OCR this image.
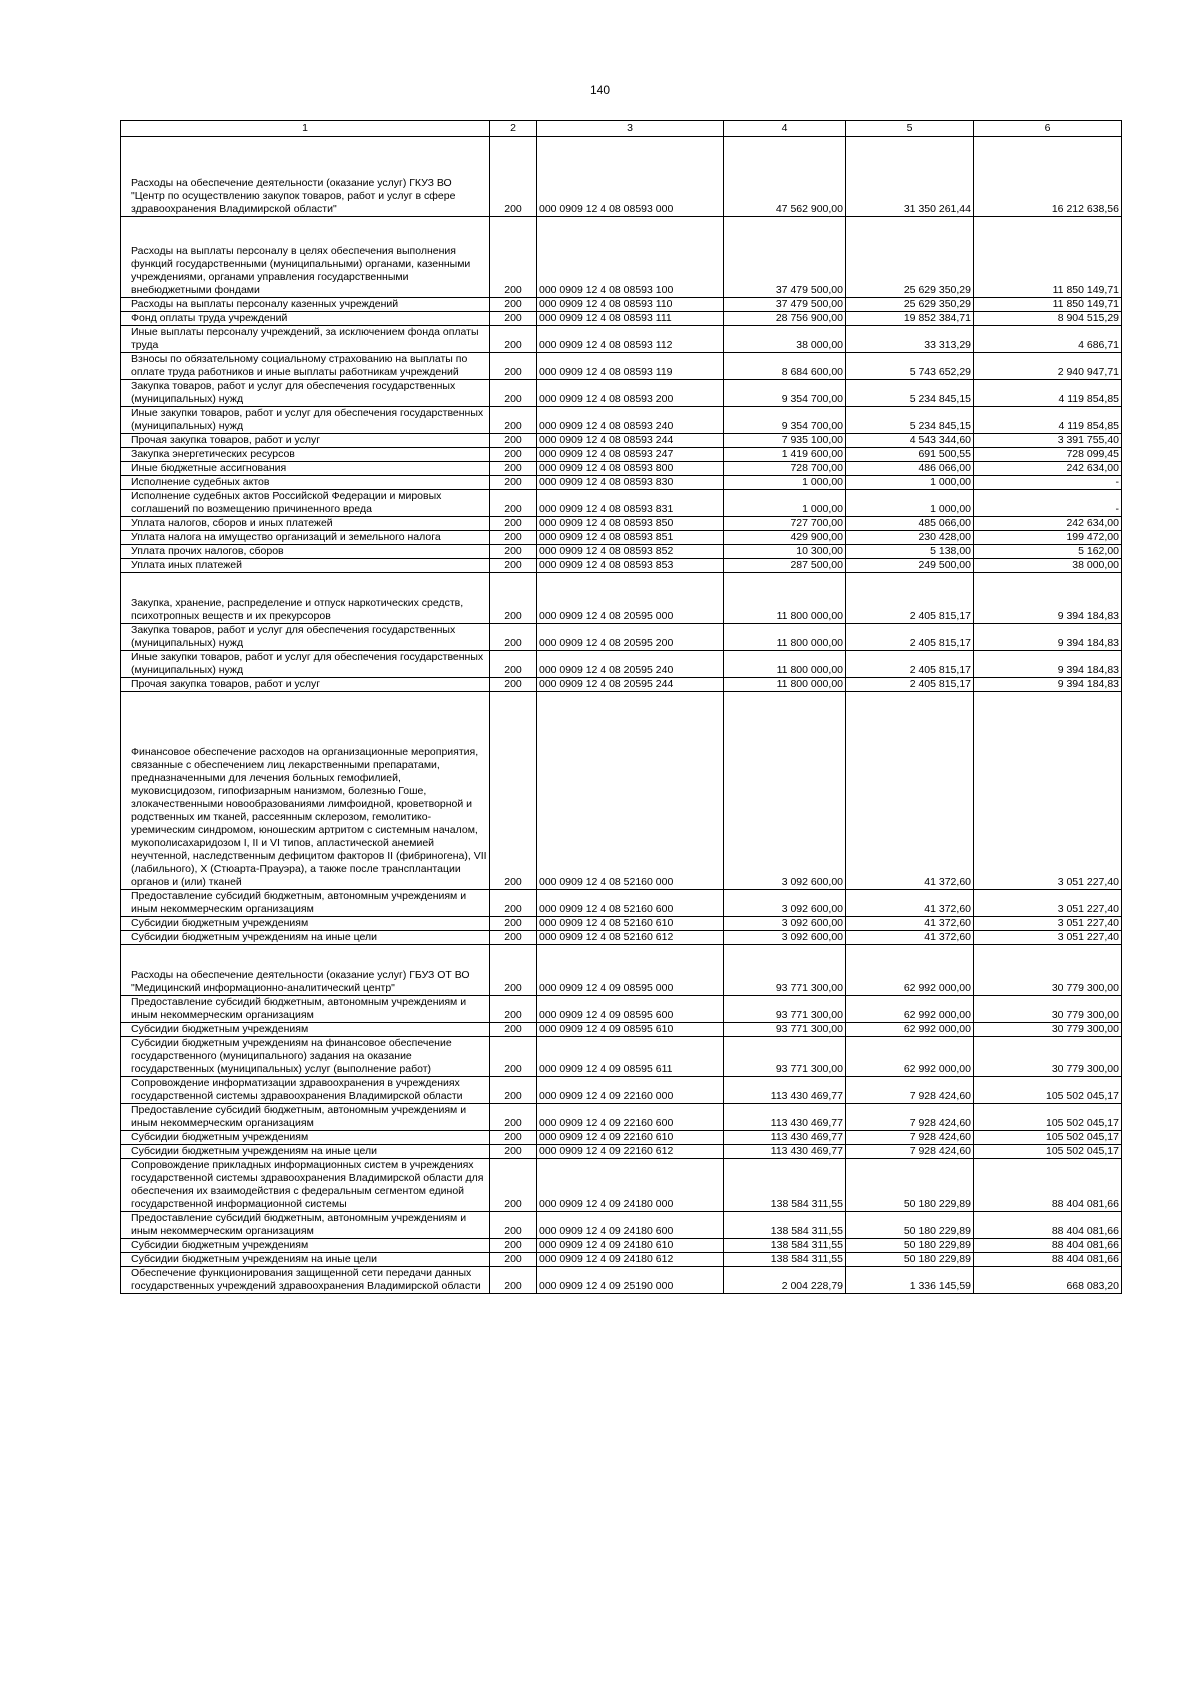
140
1	2	3	4	5	6
Расходы на обеспечение деятельности (оказание услуг) ГКУЗ ВО "Центр по осуществлению закупок товаров, работ и услуг в сфере здравоохранения Владимирской области"	200	000 0909 12 4 08 08593 000	47 562 900,00	31 350 261,44	16 212 638,56
Расходы на выплаты персоналу в целях обеспечения выполнения функций государственными (муниципальными) органами, казенными учреждениями, органами управления государственными внебюджетными фондами	200	000 0909 12 4 08 08593 100	37 479 500,00	25 629 350,29	11 850 149,71
Расходы на выплаты персоналу казенных учреждений	200	000 0909 12 4 08 08593 110	37 479 500,00	25 629 350,29	11 850 149,71
Фонд оплаты труда учреждений	200	000 0909 12 4 08 08593 111	28 756 900,00	19 852 384,71	8 904 515,29
Иные выплаты персоналу учреждений, за исключением фонда оплаты труда	200	000 0909 12 4 08 08593 112	38 000,00	33 313,29	4 686,71
Взносы по обязательному социальному страхованию на выплаты по оплате труда работников и иные выплаты работникам учреждений	200	000 0909 12 4 08 08593 119	8 684 600,00	5 743 652,29	2 940 947,71
Закупка товаров, работ и услуг для обеспечения государственных (муниципальных) нужд	200	000 0909 12 4 08 08593 200	9 354 700,00	5 234 845,15	4 119 854,85
Иные закупки товаров, работ и услуг для обеспечения государственных (муниципальных) нужд	200	000 0909 12 4 08 08593 240	9 354 700,00	5 234 845,15	4 119 854,85
Прочая закупка товаров, работ и услуг	200	000 0909 12 4 08 08593 244	7 935 100,00	4 543 344,60	3 391 755,40
Закупка энергетических ресурсов	200	000 0909 12 4 08 08593 247	1 419 600,00	691 500,55	728 099,45
Иные бюджетные ассигнования	200	000 0909 12 4 08 08593 800	728 700,00	486 066,00	242 634,00
Исполнение судебных актов	200	000 0909 12 4 08 08593 830	1 000,00	1 000,00	-
Исполнение судебных актов Российской Федерации и мировых соглашений по возмещению причиненного вреда	200	000 0909 12 4 08 08593 831	1 000,00	1 000,00	-
Уплата налогов, сборов и иных платежей	200	000 0909 12 4 08 08593 850	727 700,00	485 066,00	242 634,00
Уплата налога на имущество организаций и земельного налога	200	000 0909 12 4 08 08593 851	429 900,00	230 428,00	199 472,00
Уплата прочих налогов, сборов	200	000 0909 12 4 08 08593 852	10 300,00	5 138,00	5 162,00
Уплата иных платежей	200	000 0909 12 4 08 08593 853	287 500,00	249 500,00	38 000,00
Закупка, хранение, распределение и отпуск наркотических средств, психотропных веществ и их прекурсоров	200	000 0909 12 4 08 20595 000	11 800 000,00	2 405 815,17	9 394 184,83
Закупка товаров, работ и услуг для обеспечения государственных (муниципальных) нужд	200	000 0909 12 4 08 20595 200	11 800 000,00	2 405 815,17	9 394 184,83
Иные закупки товаров, работ и услуг для обеспечения государственных (муниципальных) нужд	200	000 0909 12 4 08 20595 240	11 800 000,00	2 405 815,17	9 394 184,83
Прочая закупка товаров, работ и услуг	200	000 0909 12 4 08 20595 244	11 800 000,00	2 405 815,17	9 394 184,83
Финансовое обеспечение расходов на организационные мероприятия, связанные с обеспечением лиц лекарственными препаратами, предназначенными для лечения больных гемофилией, муковисцидозом, гипофизарным нанизмом, болезнью Гоше, злокачественными новообразованиями лимфоидной, кроветворной и родственных им тканей, рассеянным склерозом, гемолитико-уремическим синдромом, юношеским артритом с системным началом, мукополисахаридозом I, II и VI типов, апластической анемией неучтенной, наследственным дефицитом факторов II (фибриногена), VII (лабильного), X (Стюарта-Прауэра), а также после трансплантации органов и (или) тканей	200	000 0909 12 4 08 52160 000	3 092 600,00	41 372,60	3 051 227,40
Предоставление субсидий бюджетным, автономным учреждениям и иным некоммерческим организациям	200	000 0909 12 4 08 52160 600	3 092 600,00	41 372,60	3 051 227,40
Субсидии бюджетным учреждениям	200	000 0909 12 4 08 52160 610	3 092 600,00	41 372,60	3 051 227,40
Субсидии бюджетным учреждениям на иные цели	200	000 0909 12 4 08 52160 612	3 092 600,00	41 372,60	3 051 227,40
Расходы на обеспечение деятельности (оказание услуг) ГБУЗ ОТ ВО "Медицинский информационно-аналитический центр"	200	000 0909 12 4 09 08595 000	93 771 300,00	62 992 000,00	30 779 300,00
Предоставление субсидий бюджетным, автономным учреждениям и иным некоммерческим организациям	200	000 0909 12 4 09 08595 600	93 771 300,00	62 992 000,00	30 779 300,00
Субсидии бюджетным учреждениям	200	000 0909 12 4 09 08595 610	93 771 300,00	62 992 000,00	30 779 300,00
Субсидии бюджетным учреждениям на финансовое обеспечение государственного (муниципального) задания на оказание государственных (муниципальных) услуг (выполнение работ)	200	000 0909 12 4 09 08595 611	93 771 300,00	62 992 000,00	30 779 300,00
Сопровождение информатизации здравоохранения в учреждениях государственной системы здравоохранения Владимирской области	200	000 0909 12 4 09 22160 000	113 430 469,77	7 928 424,60	105 502 045,17
Предоставление субсидий бюджетным, автономным учреждениям и иным некоммерческим организациям	200	000 0909 12 4 09 22160 600	113 430 469,77	7 928 424,60	105 502 045,17
Субсидии бюджетным учреждениям	200	000 0909 12 4 09 22160 610	113 430 469,77	7 928 424,60	105 502 045,17
Субсидии бюджетным учреждениям на иные цели	200	000 0909 12 4 09 22160 612	113 430 469,77	7 928 424,60	105 502 045,17
Сопровождение прикладных информационных систем в учреждениях государственной системы здравоохранения Владимирской области для обеспечения их взаимодействия с федеральным сегментом единой государственной информационной системы	200	000 0909 12 4 09 24180 000	138 584 311,55	50 180 229,89	88 404 081,66
Предоставление субсидий бюджетным, автономным учреждениям и иным некоммерческим организациям	200	000 0909 12 4 09 24180 600	138 584 311,55	50 180 229,89	88 404 081,66
Субсидии бюджетным учреждениям	200	000 0909 12 4 09 24180 610	138 584 311,55	50 180 229,89	88 404 081,66
Субсидии бюджетным учреждениям на иные цели	200	000 0909 12 4 09 24180 612	138 584 311,55	50 180 229,89	88 404 081,66
Обеспечение функционирования защищенной сети передачи данных государственных учреждений здравоохранения Владимирской области	200	000 0909 12 4 09 25190 000	2 004 228,79	1 336 145,59	668 083,20
